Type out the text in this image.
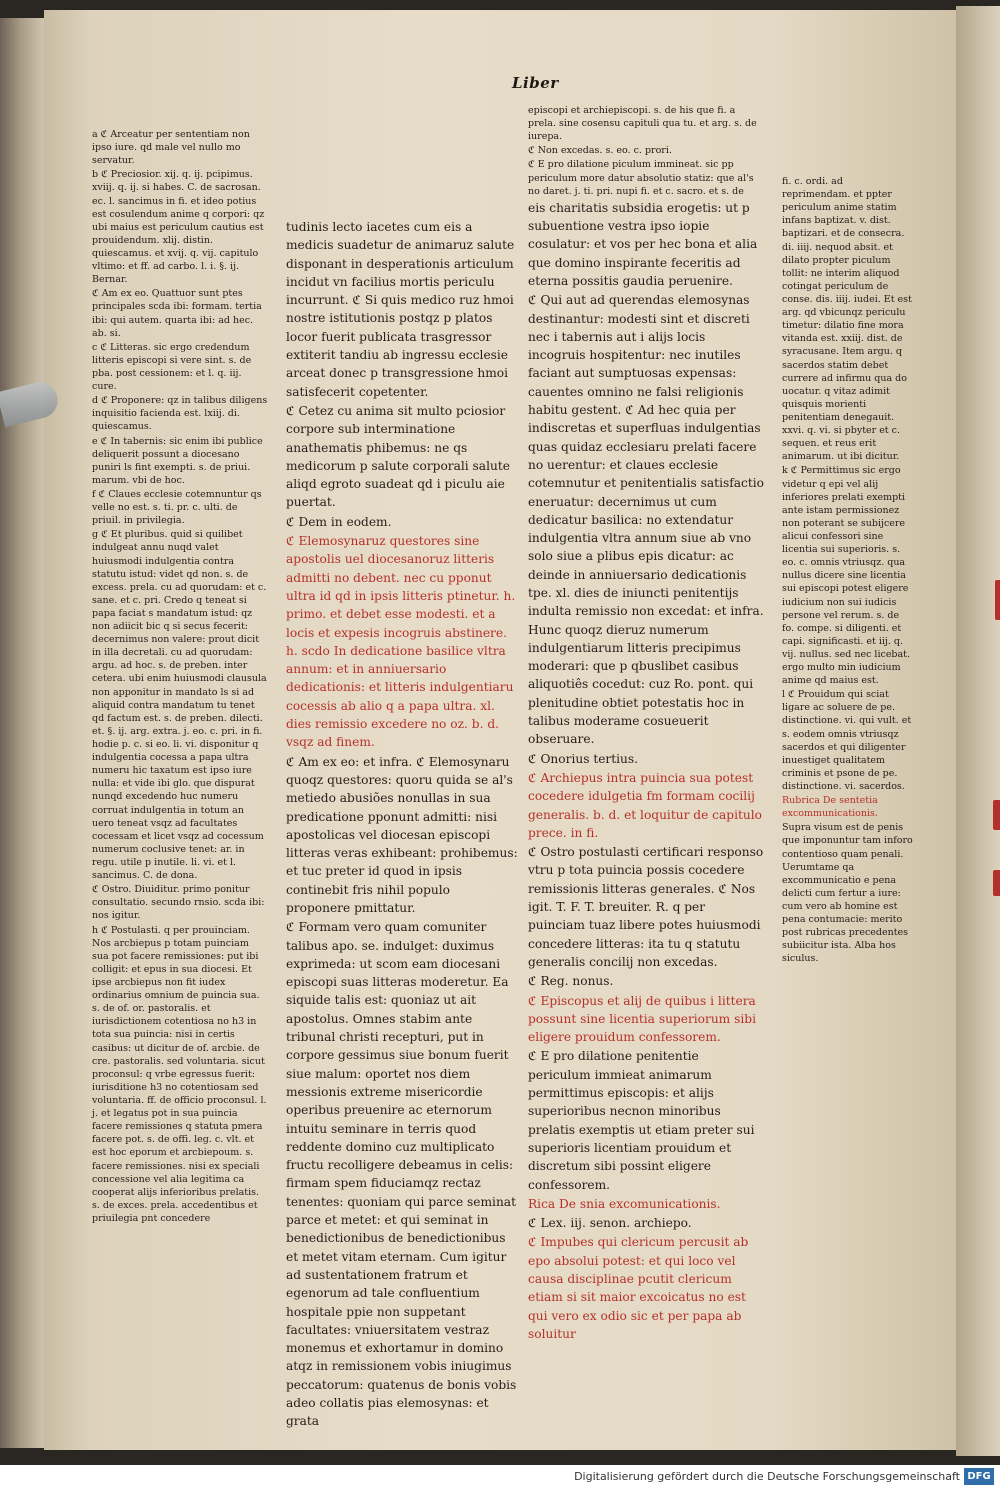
Liber

a ℭ Arceatur per sententiam non ipso iure. qd male vel nullo mo servatur.

b ℭ Preciosior. xij. q. ij. pcipimus. xviij. q. ij. si habes. C. de sacrosan. ec. l. sancimus in fi. et ideo potius est cosulendum anime q corpori: qz ubi maius est periculum cautius est prouidendum. xlij. distin. quiescamus. et xvij. q. vij. capitulo vltimo: et ff. ad carbo. l. i. §. ij. Bernar.

ℭ Am ex eo. Quattuor sunt ptes principales scda ibi: formam. tertia ibi: qui autem. quarta ibi: ad hec. ab. si.

c ℭ Litteras. sic ergo credendum litteris episcopi si vere sint. s. de pba. post cessionem: et l. q. iij. cure.

d ℭ Proponere: qz in talibus diligens inquisitio facienda est. lxiij. di. quiescamus.

e ℭ In tabernis: sic enim ibi publice deliquerit possunt a diocesano puniri ls fint exempti. s. de priui. marum. vbi de hoc.

f ℭ Claues ecclesie cotemnuntur qs velle no est. s. ti. pr. c. ulti. de priuil. in privilegia.

g ℭ Et pluribus. quid si quilibet indulgeat annu nuqd valet huiusmodi indulgentia contra statutu istud: videt qd non. s. de excess. prela. cu ad quorudam: et c. sane. et c. pri. Credo q teneat si papa faciat s mandatum istud: qz non adiicit bic q si secus fecerit: decernimus non valere: prout dicit in illa decretali. cu ad quorudam: argu. ad hoc. s. de preben. inter cetera. ubi enim huiusmodi clausula non apponitur in mandato ls si ad aliquid contra mandatum tu tenet qd factum est. s. de preben. dilecti. et. §. ij. arg. extra. j. eo. c. pri. in fi. hodie p. c. si eo. li. vi. disponitur q indulgentia cocessa a papa ultra numeru hic taxatum est ipso iure nulla: et vide ibi glo. que dispurat nunqd excedendo huc numeru corruat indulgentia in totum an uero teneat vsqz ad facultates cocessam et licet vsqz ad cocessum numerum coclusive tenet: ar. in regu. utile p inutile. li. vi. et l. sancimus. C. de dona.

ℭ Ostro. Diuiditur. primo ponitur consultatio. secundo rnsio. scda ibi: nos igitur.

h ℭ Postulasti. q per prouinciam. Nos arcbiepus p totam puinciam sua pot facere remissiones: put ibi colligit: et epus in sua diocesi. Et ipse arcbiepus non fit iudex ordinarius omnium de puincia sua. s. de of. or. pastoralis. et iurisdictionem cotentiosa no h3 in tota sua puincia: nisi in certis casibus: ut dicitur de of. arcbie. de cre. pastoralis. sed voluntaria. sicut proconsul: q vrbe egressus fuerit: iurisditione h3 no cotentiosam sed voluntaria. ff. de officio proconsul. l. j. et legatus pot in sua puincia facere remissiones q statuta pmera facere pot. s. de offi. leg. c. vlt. et est hoc eporum et arcbiepoum. s. facere remissiones. nisi ex speciali concessione vel alia legitima ca cooperat alijs inferioribus prelatis. s. de exces. prela. accedentibus et priuilegia pnt concedere

tudinis lecto iacetes cum eis a medicis suadetur de animaruz salute disponant in desperationis articulum incidut vn facilius mortis periculu incurrunt. ℭ Si quis medico ruz hmoi nostre istitutionis postqz p platos locor fuerit publicata trasgressor extiterit tandiu ab ingressu ecclesie arceat donec p transgressione hmoi satisfecerit copetenter.

ℭ Cetez cu anima sit multo pciosior corpore sub interminatione anathematis phibemus: ne qs medicorum p salute corporali salute aliqd egroto suadeat qd i piculu aie puertat.

ℭ Dem in eodem.

ℭ Elemosynaruz questores sine apostolis uel diocesanoruz litteris admitti no debent. nec cu pponut ultra id qd in ipsis litteris ptinetur. h. primo. et debet esse modesti. et a locis et expesis incogruis abstinere. h. scdo In dedicatione basilice vltra annum: et in anniuersario dedicationis: et litteris indulgentiaru cocessis ab alio q a papa ultra. xl. dies remissio excedere no oz. b. d. vsqz ad finem.

ℭ Am ex eo: et infra. ℭ Elemosynaru quoqz questores: quoru quida se al's metiedo abusiões nonullas in sua predicatione pponunt admitti: nisi apostolicas vel diocesan episcopi litteras veras exhibeant: prohibemus: et tuc preter id quod in ipsis continebit fris nihil populo proponere pmittatur.

ℭ Formam vero quam comuniter talibus apo. se. indulget: duximus exprimeda: ut scom eam diocesani episcopi suas litteras moderetur. Ea siquide talis est: quoniaz ut ait apostolus. Omnes stabim ante tribunal christi recepturi, put in corpore gessimus siue bonum fuerit siue malum: oportet nos diem messionis extreme misericordie operibus preuenire ac eternorum intuitu seminare in terris quod reddente domino cuz multiplicato fructu recolligere debeamus in celis: firmam spem fiduciamqz rectaz tenentes: quoniam qui parce seminat parce et metet: et qui seminat in benedictionibus de benedictionibus et metet vitam eternam. Cum igitur ad sustentationem fratrum et egenorum ad tale confluentium hospitale ppie non suppetant facultates: vniuersitatem vestraz monemus et exhortamur in domino atqz in remissionem vobis iniugimus peccatorum: quatenus de bonis vobis adeo collatis pias elemosynas: et grata

episcopi et archiepiscopi. s. de his que fi. a prela. sine cosensu capituli qua tu. et arg. s. de iurepa.

ℭ Non excedas. s. eo. c. prori.

ℭ E pro dilatione piculum immineat. sic pp periculum more datur absolutio statiz: que al's no daret. j. ti. pri. nupi fi. et c. sacro. et s. de

eis charitatis subsidia erogetis: ut p subuentione vestra ipso iopie cosulatur: et vos per hec bona et alia que domino inspirante feceritis ad eterna possitis gaudia peruenire.

ℭ Qui aut ad querendas elemosynas destinantur: modesti sint et discreti nec i tabernis aut i alijs locis incogruis hospitentur: nec inutiles faciant aut sumptuosas expensas: cauentes omnino ne falsi religionis habitu gestent. ℭ Ad hec quia per indiscretas et superfluas indulgentias quas quidaz ecclesiaru prelati facere no uerentur: et claues ecclesie cotemnutur et penitentialis satisfactio eneruatur: decernimus ut cum dedicatur basilica: no extendatur indulgentia vltra annum siue ab vno solo siue a plibus epis dicatur: ac deinde in anniuersario dedicationis tpe. xl. dies de iniuncti penitentijs indulta remissio non excedat: et infra. Hunc quoqz dieruz numerum indulgentiarum litteris precipimus moderari: que p qbuslibet casibus aliquotiês cocedut: cuz Ro. pont. qui plenitudine obtiet potestatis hoc in talibus moderame cosueuerit obseruare.

ℭ Onorius tertius.

ℭ Archiepus intra puincia sua potest cocedere idulgetia fm formam cocilij generalis. b. d. et loquitur de capitulo prece. in fi.

ℭ Ostro postulasti certificari responso vtru p tota puincia possis cocedere remissionis litteras generales. ℭ Nos igit. T. F. T. breuiter. R. q per puinciam tuaz libere potes huiusmodi concedere litteras: ita tu q statutu generalis concilij non excedas.

ℭ Reg. nonus.

ℭ Episcopus et alij de quibus i littera possunt sine licentia superiorum sibi eligere prouidum confessorem.

ℭ E pro dilatione penitentie periculum immieat animarum permittimus episcopis: et alijs superioribus necnon minoribus prelatis exemptis ut etiam preter sui superioris licentiam prouidum et discretum sibi possint eligere confessorem.

Rica De snia excomunicationis.

ℭ Lex. iij. senon. archiepo.

ℭ Impubes qui clericum percusit ab epo absolui potest: et qui loco vel causa disciplinae pcutit clericum etiam si sit maior excoicatus no est qui vero ex odio sic et per papa ab soluitur

fi. c. ordi. ad reprimendam. et ppter periculum anime statim infans baptizat. v. dist. baptizari. et de consecra. di. iiij. nequod absit. et dilato propter piculum tollit: ne interim aliquod cotingat periculum de conse. dis. iiij. iudei. Et est arg. qd vbicunqz periculu timetur: dilatio fine mora vitanda est. xxiij. dist. de syracusane. Item argu. q sacerdos statim debet currere ad infirmu qua do uocatur. q vitaz adimit quisquis morienti penitentiam denegauit. xxvi. q. vi. si pbyter et c. sequen. et reus erit animarum. ut ibi dicitur.

k ℭ Permittimus sic ergo videtur q epi vel alij inferiores prelati exempti ante istam permissionez non poterant se subijcere alicui confessori sine licentia sui superioris. s. eo. c. omnis vtriusqz. qua nullus dicere sine licentia sui episcopi potest eligere iudicium non sui iudicis persone vel rerum. s. de fo. compe. si diligenti. et capi. significasti. et iij. q. vij. nullus. sed nec licebat. ergo multo min iudicium anime qd maius est.

l ℭ Prouidum qui sciat ligare ac soluere de pe. distinctione. vi. qui vult. et s. eodem omnis vtriusqz sacerdos et qui diligenter inuestiget qualitatem criminis et psone de pe. distinctione. vi. sacerdos.

Rubrica De sentetia excommunicationis.

Supra visum est de penis que imponuntur tam inforo contentioso quam penali. Uerumtame qa excommunicatio e pena delicti cum fertur a iure: cum vero ab homine est pena contumacie: merito post rubricas precedentes subiicitur ista. Alba hos siculus.

Digitalisierung gefördert durch die Deutsche Forschungsgemeinschaft DFG
